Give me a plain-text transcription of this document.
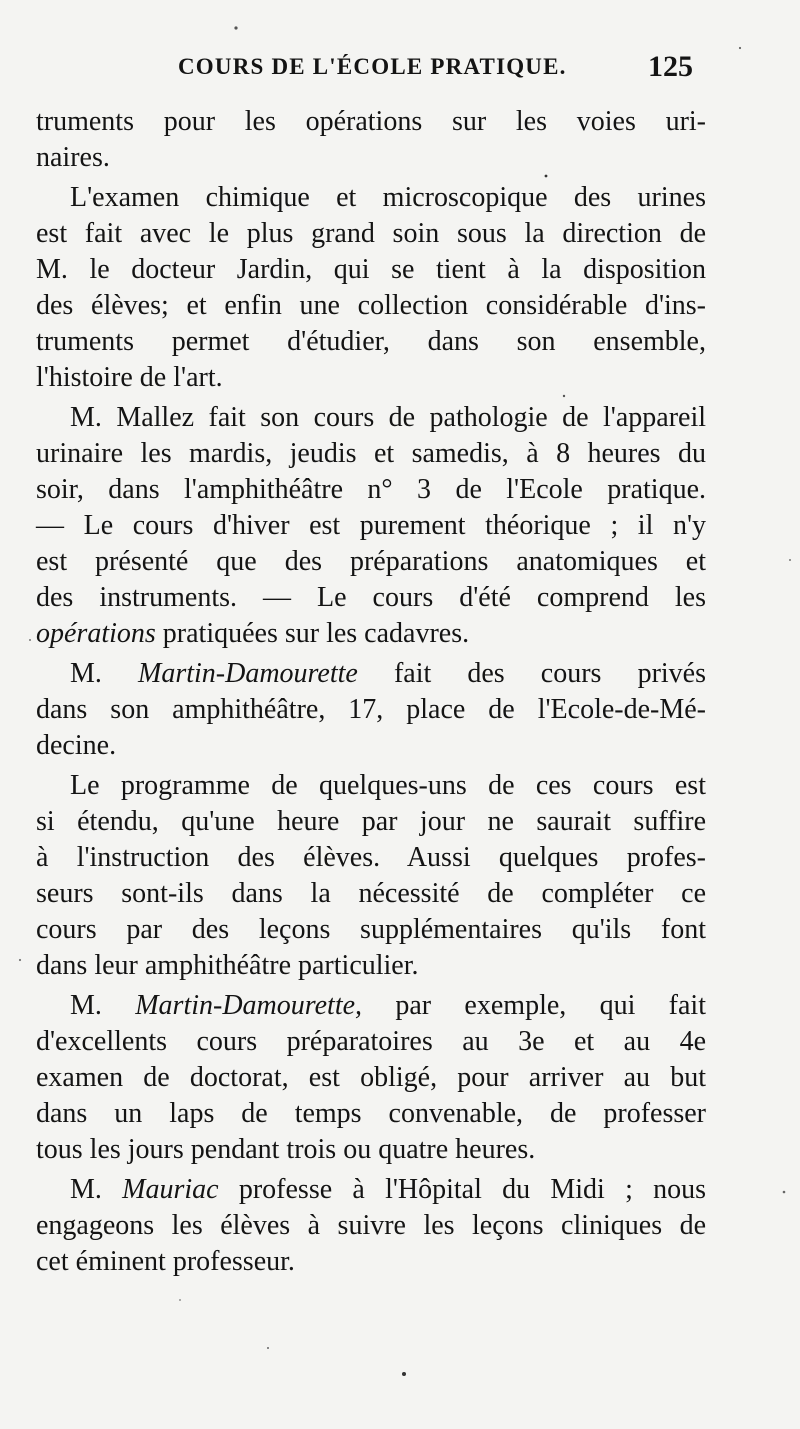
COURS DE L'ÉCOLE PRATIQUE.	125
truments pour les opérations sur les voies uri-
naires.
L'examen chimique et microscopique des urines
est fait avec le plus grand soin sous la direction de
M. le docteur Jardin, qui se tient à la disposition
des élèves; et enfin une collection considérable d'ins-
truments permet d'étudier, dans son ensemble,
l'histoire de l'art.
M. Mallez fait son cours de pathologie de l'appareil
urinaire les mardis, jeudis et samedis, à 8 heures du
soir, dans l'amphithéâtre n° 3 de l'Ecole pratique.
— Le cours d'hiver est purement théorique ; il n'y
est présenté que des préparations anatomiques et
des instruments. — Le cours d'été comprend les
opérations pratiquées sur les cadavres.
M. Martin-Damourette fait des cours privés
dans son amphithéâtre, 17, place de l'Ecole-de-Mé-
decine.
Le programme de quelques-uns de ces cours est
si étendu, qu'une heure par jour ne saurait suffire
à l'instruction des élèves. Aussi quelques profes-
seurs sont-ils dans la nécessité de compléter ce
cours par des leçons supplémentaires qu'ils font
dans leur amphithéâtre particulier.
M. Martin-Damourette, par exemple, qui fait
d'excellents cours préparatoires au 3e et au 4e
examen de doctorat, est obligé, pour arriver au but
dans un laps de temps convenable, de professer
tous les jours pendant trois ou quatre heures.
M. Mauriac professe à l'Hôpital du Midi ; nous
engageons les élèves à suivre les leçons cliniques de
cet éminent professeur.
